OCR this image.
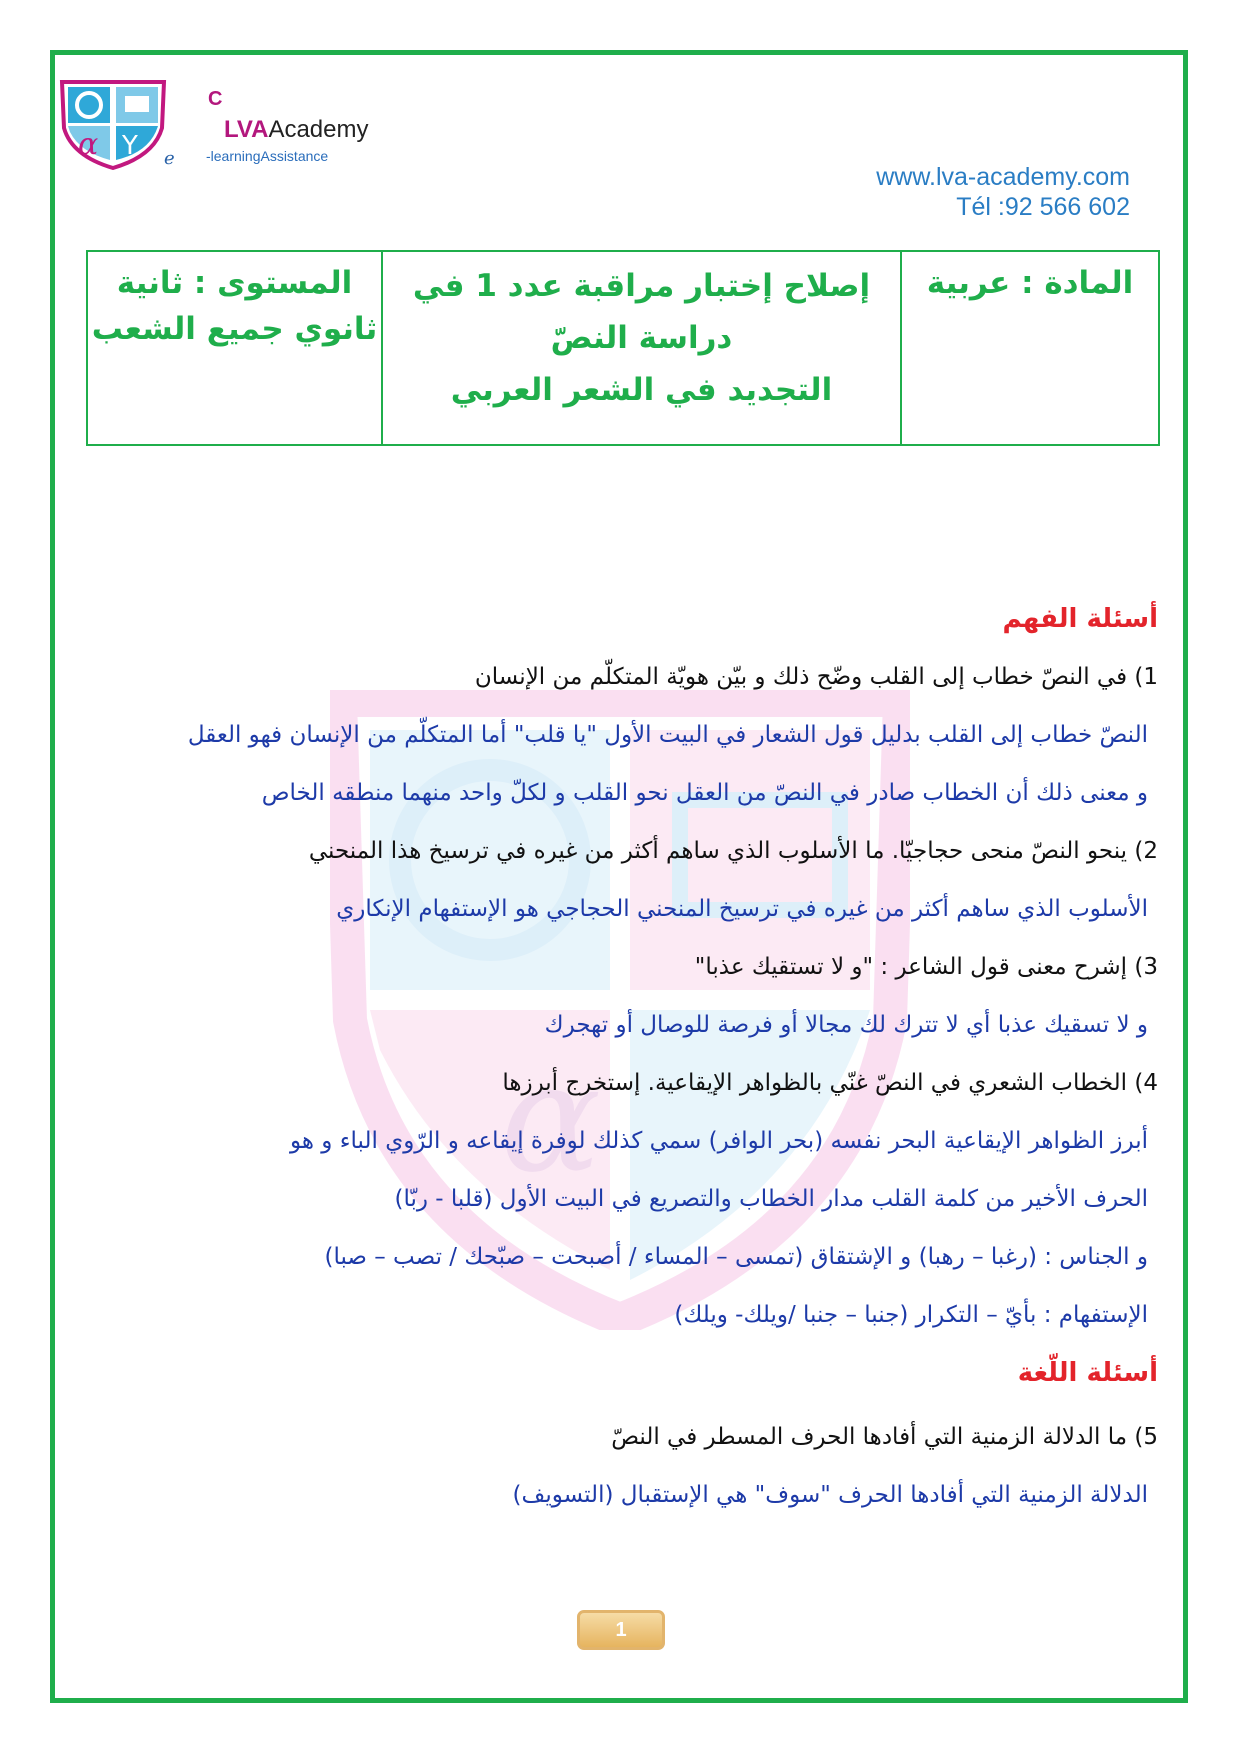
α
α Y
C
LVAAcademy
e -learningAssistance
www.lva-academy.com
Tél :92 566 602
المستوى : ثانية
ثانوي جميع الشعب
إصلاح إختبار مراقبة عدد 1 في
دراسة النصّ
التجديد في الشعر العربي
المادة : عربية
أسئلة الفهم
1) في النصّ خطاب إلى القلب وضّح ذلك و بيّن هويّة المتكلّم من الإنسان
النصّ خطاب إلى القلب بدليل قول الشعار في البيت الأول "يا قلب" أما المتكلّم من الإنسان فهو العقل
و معنى ذلك أن الخطاب صادر في النصّ من العقل نحو القلب و لكلّ واحد منهما منطقه الخاص
2) ينحو النصّ منحى حجاجيّا. ما الأسلوب الذي ساهم أكثر من غيره في ترسيخ هذا المنحني
الأسلوب الذي ساهم أكثر من غيره في ترسيخ المنحني الحجاجي هو الإستفهام الإنكاري
3) إشرح معنى قول الشاعر : "و لا تستقيك عذبا"
و لا تسقيك عذبا أي لا تترك لك مجالا أو فرصة للوصال أو تهجرك
4) الخطاب الشعري في النصّ غنّي بالظواهر الإيقاعية. إستخرج أبرزها
أبرز الظواهر الإيقاعية البحر نفسه (بحر الوافر) سمي كذلك لوفرة إيقاعه و الرّوي الباء و هو
الحرف الأخير من كلمة القلب مدار الخطاب والتصريع في البيت الأول (قلبا - ربّا)
و الجناس : (رغبا – رهبا) و الإشتقاق (تمسى – المساء / أصبحت – صبّحك / تصب – صبا)
الإستفهام : بأيّ – التكرار (جنبا – جنبا /ويلك- ويلك)
أسئلة اللّغة
5) ما الدلالة الزمنية التي أفادها الحرف المسطر في النصّ
الدلالة الزمنية التي أفادها الحرف "سوف" هي الإستقبال (التسويف)
1
